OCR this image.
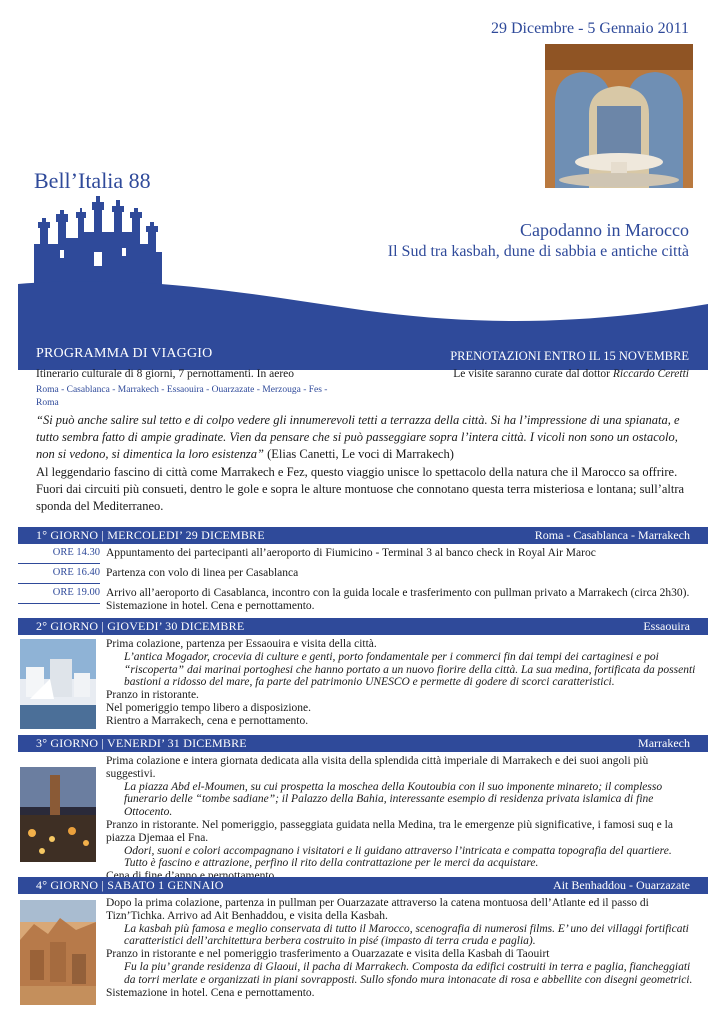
29 Dicembre - 5 Gennaio 2011
Bell’Italia 88
Capodanno in Marocco
Il Sud tra kasbah, dune di sabbia e antiche città
PROGRAMMA DI VIAGGIO	PRENOTAZIONI ENTRO IL 15 NOVEMBRE
Itinerario culturale di 8 giorni, 7 pernottamenti. In aereo
Roma - Casablanca - Marrakech - Essaouira - Ouarzazate - Merzouga - Fes - Roma
Le visite saranno curate dal dottor Riccardo Ceretti
“Si può anche salire sul tetto e di colpo vedere gli innumerevoli tetti a terrazza della città. Si ha l’impressione di una spianata, e tutto sembra fatto di ampie gradinate. Vien da pensare che si può passeggiare sopra l’intera città. I vicoli non sono un ostacolo, non si vedono, si dimentica la loro esistenza” (Elias Canetti, Le voci di Marrakech)
Al leggendario fascino di città come Marrakech e Fez, questo viaggio unisce lo spettacolo della natura che il Marocco sa offrire. Fuori dai circuiti più consueti, dentro le gole e sopra le alture montuose che connotano questa terra misteriosa e lontana; sull’altra sponda del Mediterraneo.
1° GIORNO | MERCOLEDI’ 29 DICEMBRE	Roma - Casablanca - Marrakech
ORE 14.30 Appuntamento dei partecipanti all’aeroporto di Fiumicino - Terminal 3 al banco check in Royal Air Maroc
ORE 16.40 Partenza con volo di linea per Casablanca
ORE 19.00 Arrivo all’aeroporto di Casablanca, incontro con la guida locale e trasferimento con pullman privato a Marrakech (circa 2h30). Sistemazione in hotel. Cena e pernottamento.
2° GIORNO | GIOVEDI’ 30 DICEMBRE	Essaouira
Prima colazione, partenza per Essaouira e visita della città.
L’antica Mogador, crocevia di culture e genti, porto fondamentale per i commerci fin dai tempi dei cartaginesi e poi “riscoperta” dai marinai portoghesi che hanno portato a un nuovo fiorire della città. La sua medina, fortificata da possenti bastioni a ridosso del mare, fa parte del patrimonio UNESCO e permette di godere di scorci caratteristici.
Pranzo in ristorante.
Nel pomeriggio tempo libero a disposizione.
Rientro a Marrakech, cena e pernottamento.
3° GIORNO | VENERDI’ 31 DICEMBRE	Marrakech
Prima colazione e intera giornata dedicata alla visita della splendida città imperiale di Marrakech e dei suoi angoli più suggestivi.
La piazza Abd el-Moumen, su cui prospetta la moschea della Koutoubia con il suo imponente minareto; il complesso funerario delle “tombe sadiane”; il Palazzo della Bahia, interessante esempio di residenza privata islamica di fine Ottocento.
Pranzo in ristorante. Nel pomeriggio, passeggiata guidata nella Medina, tra le emergenze più significative, i famosi suq e la piazza Djemaa el Fna.
Odori, suoni e colori accompagnano i visitatori e li guidano attraverso l’intricata e compatta topografia del quartiere. Tutto è fascino e attrazione, perfino il rito della contrattazione per le merci da acquistare.
4° GIORNO | SABATO 1 GENNAIO	Ait Benhaddou - Ouarzazate
Dopo la prima colazione, partenza in pullman per Ouarzazate attraverso la catena montuosa dell’Atlante ed il passo di Tizn’Tichka. Arrivo ad Ait Benhaddou, e visita della Kasbah.
La kasbah più famosa e meglio conservata di tutto il Marocco, scenografia di numerosi films. E’ uno dei villaggi fortificati caratteristici dell’architettura berbera costruito in pisé (impasto di terra cruda e paglia).
Pranzo in ristorante e nel pomeriggio trasferimento a Ouarzazate e visita della Kasbah di Taouirt
Fu la piu’ grande residenza di Glaoui, il pacha di Marrakech. Composta da edifici costruiti in terra e paglia, fiancheggiati da torri merlate e organizzati in piani sovrapposti. Sullo sfondo mura intonacate di rosa e abbellite con disegni geometrici.
Sistemazione in hotel. Cena e pernottamento.
